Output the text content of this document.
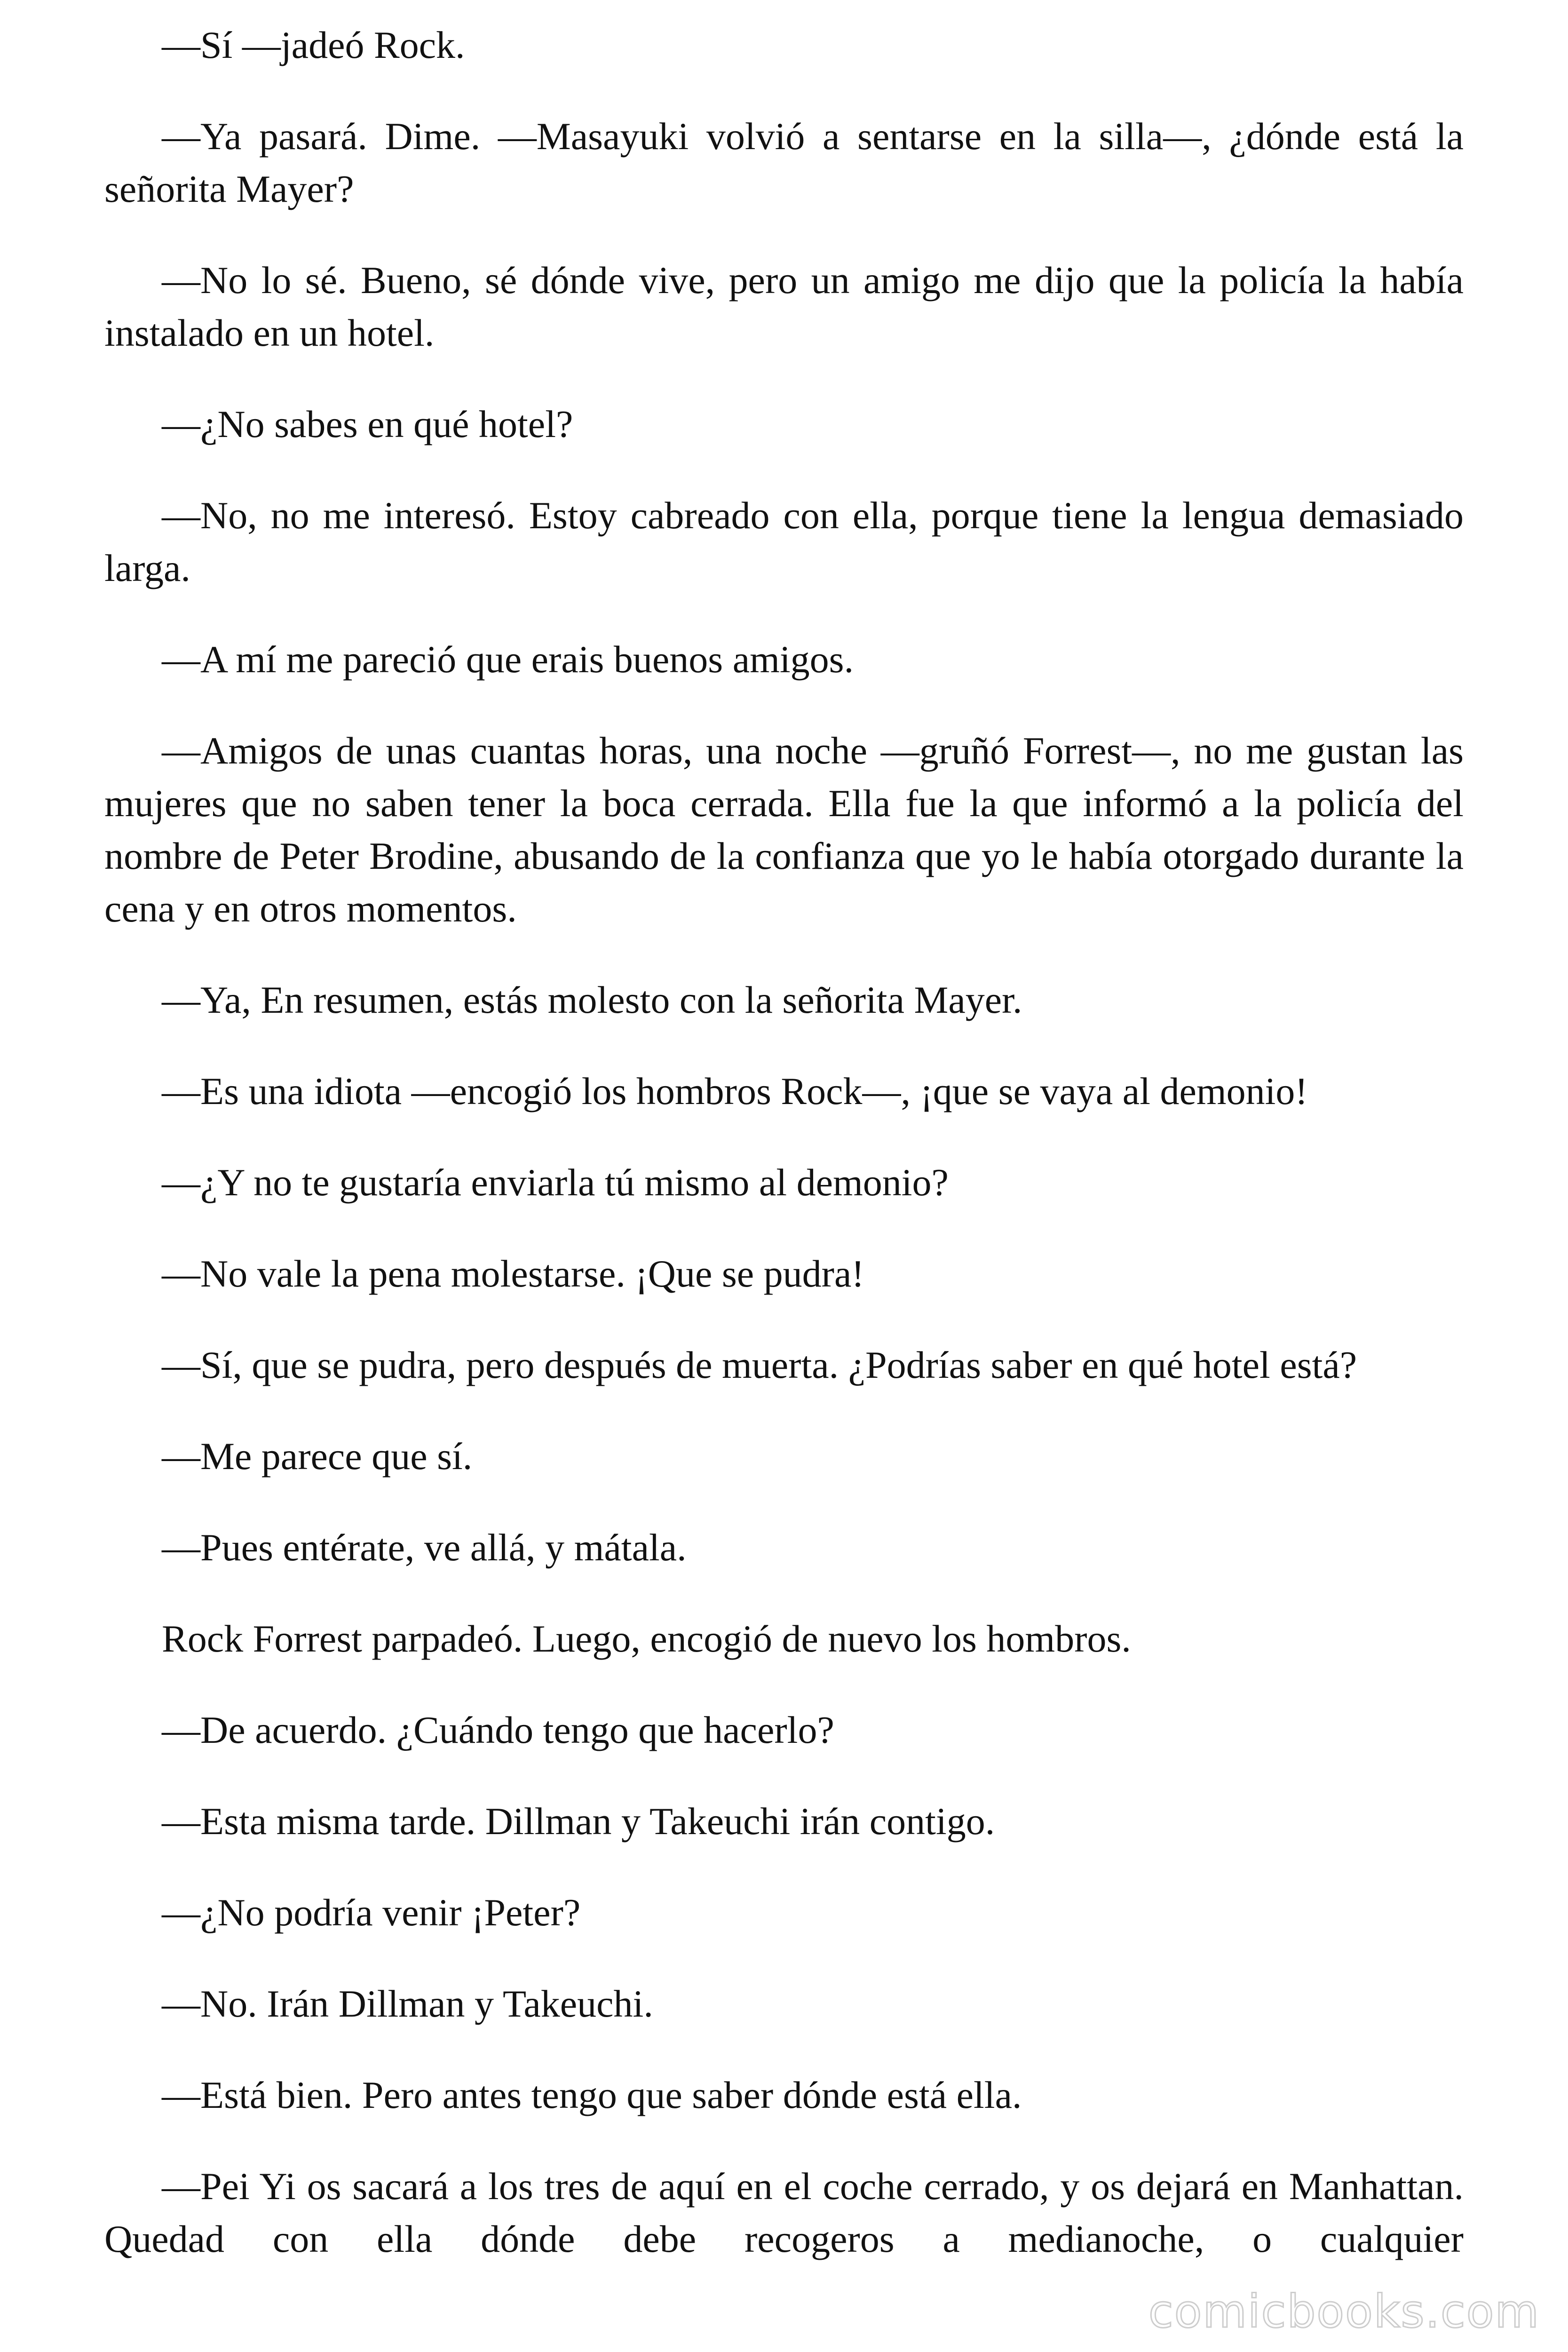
—Sí —jadeó Rock.

—Ya pasará. Dime. —Masayuki volvió a sentarse en la silla—, ¿dónde está la señorita Mayer?

—No lo sé. Bueno, sé dónde vive, pero un amigo me dijo que la policía la había instalado en un hotel.

—¿No sabes en qué hotel?

—No, no me interesó. Estoy cabreado con ella, porque tiene la lengua demasiado larga.

—A mí me pareció que erais buenos amigos.

—Amigos de unas cuantas horas, una noche —gruñó Forrest—, no me gustan las mujeres que no saben tener la boca cerrada. Ella fue la que informó a la policía del nombre de Peter Brodine, abusando de la confianza que yo le había otorgado durante la cena y en otros momentos.

—Ya, En resumen, estás molesto con la señorita Mayer.

—Es una idiota —encogió los hombros Rock—, ¡que se vaya al demonio!

—¿Y no te gustaría enviarla tú mismo al demonio?

—No vale la pena molestarse. ¡Que se pudra!

—Sí, que se pudra, pero después de muerta. ¿Podrías saber en qué hotel está?

—Me parece que sí.

—Pues entérate, ve allá, y mátala.

Rock Forrest parpadeó. Luego, encogió de nuevo los hombros.

—De acuerdo. ¿Cuándo tengo que hacerlo?

—Esta misma tarde. Dillman y Takeuchi irán contigo.

—¿No podría venir ¡Peter?

—No. Irán Dillman y Takeuchi.

—Está bien. Pero antes tengo que saber dónde está ella.

—Pei Yi os sacará a los tres de aquí en el coche cerrado, y os dejará en Manhattan. Quedad con ella dónde debe recogeros a medianoche, o cualquier

comicbooks.com
